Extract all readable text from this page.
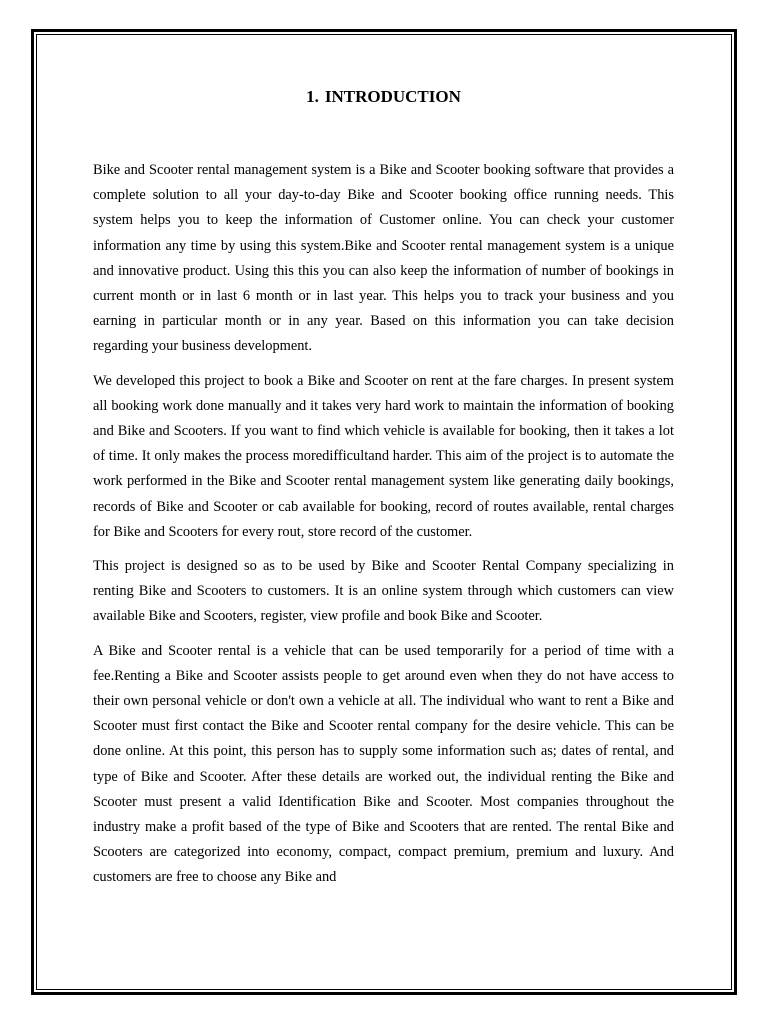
1. INTRODUCTION

Bike and Scooter rental management system is a Bike and Scooter booking software that provides a complete solution to all your day-to-day Bike and Scooter booking office running needs. This system helps you to keep the information of Customer online. You can check your customer information any time by using this system.Bike and Scooter rental management system is a unique and innovative product. Using this this you can also keep the information of number of bookings in current month or in last 6 month or in last year. This helps you to track your business and you earning in particular month or in any year. Based on this information you can take decision regarding your business development.

We developed this project to book a Bike and Scooter on rent at the fare charges. In present system all booking work done manually and it takes very hard work to maintain the information of booking and Bike and Scooters. If you want to find which vehicle is available for booking, then it takes a lot of time. It only makes the process moredifficultand harder. This aim of the project is to automate the work performed in the Bike and Scooter rental management system like generating daily bookings, records of Bike and Scooter or cab available for booking, record of routes available, rental charges for Bike and Scooters for every rout, store record of the customer.

This project is designed so as to be used by Bike and Scooter Rental Company specializing in renting Bike and Scooters to customers. It is an online system through which customers can view available Bike and Scooters, register, view profile and book Bike and Scooter.

A Bike and Scooter rental is a vehicle that can be used temporarily for a period of time with a fee.Renting a Bike and Scooter assists people to get around even when they do not have access to their own personal vehicle or don't own a vehicle at all. The individual who want to rent a Bike and Scooter must first contact the Bike and Scooter rental company for the desire vehicle. This can be done online. At this point, this person has to supply some information such as; dates of rental, and type of Bike and Scooter. After these details are worked out, the individual renting the Bike and Scooter must present a valid Identification Bike and Scooter. Most companies throughout the industry make a profit based of the type of Bike and Scooters that are rented. The rental Bike and Scooters are categorized into economy, compact, compact premium, premium and luxury. And customers are free to choose any Bike and
